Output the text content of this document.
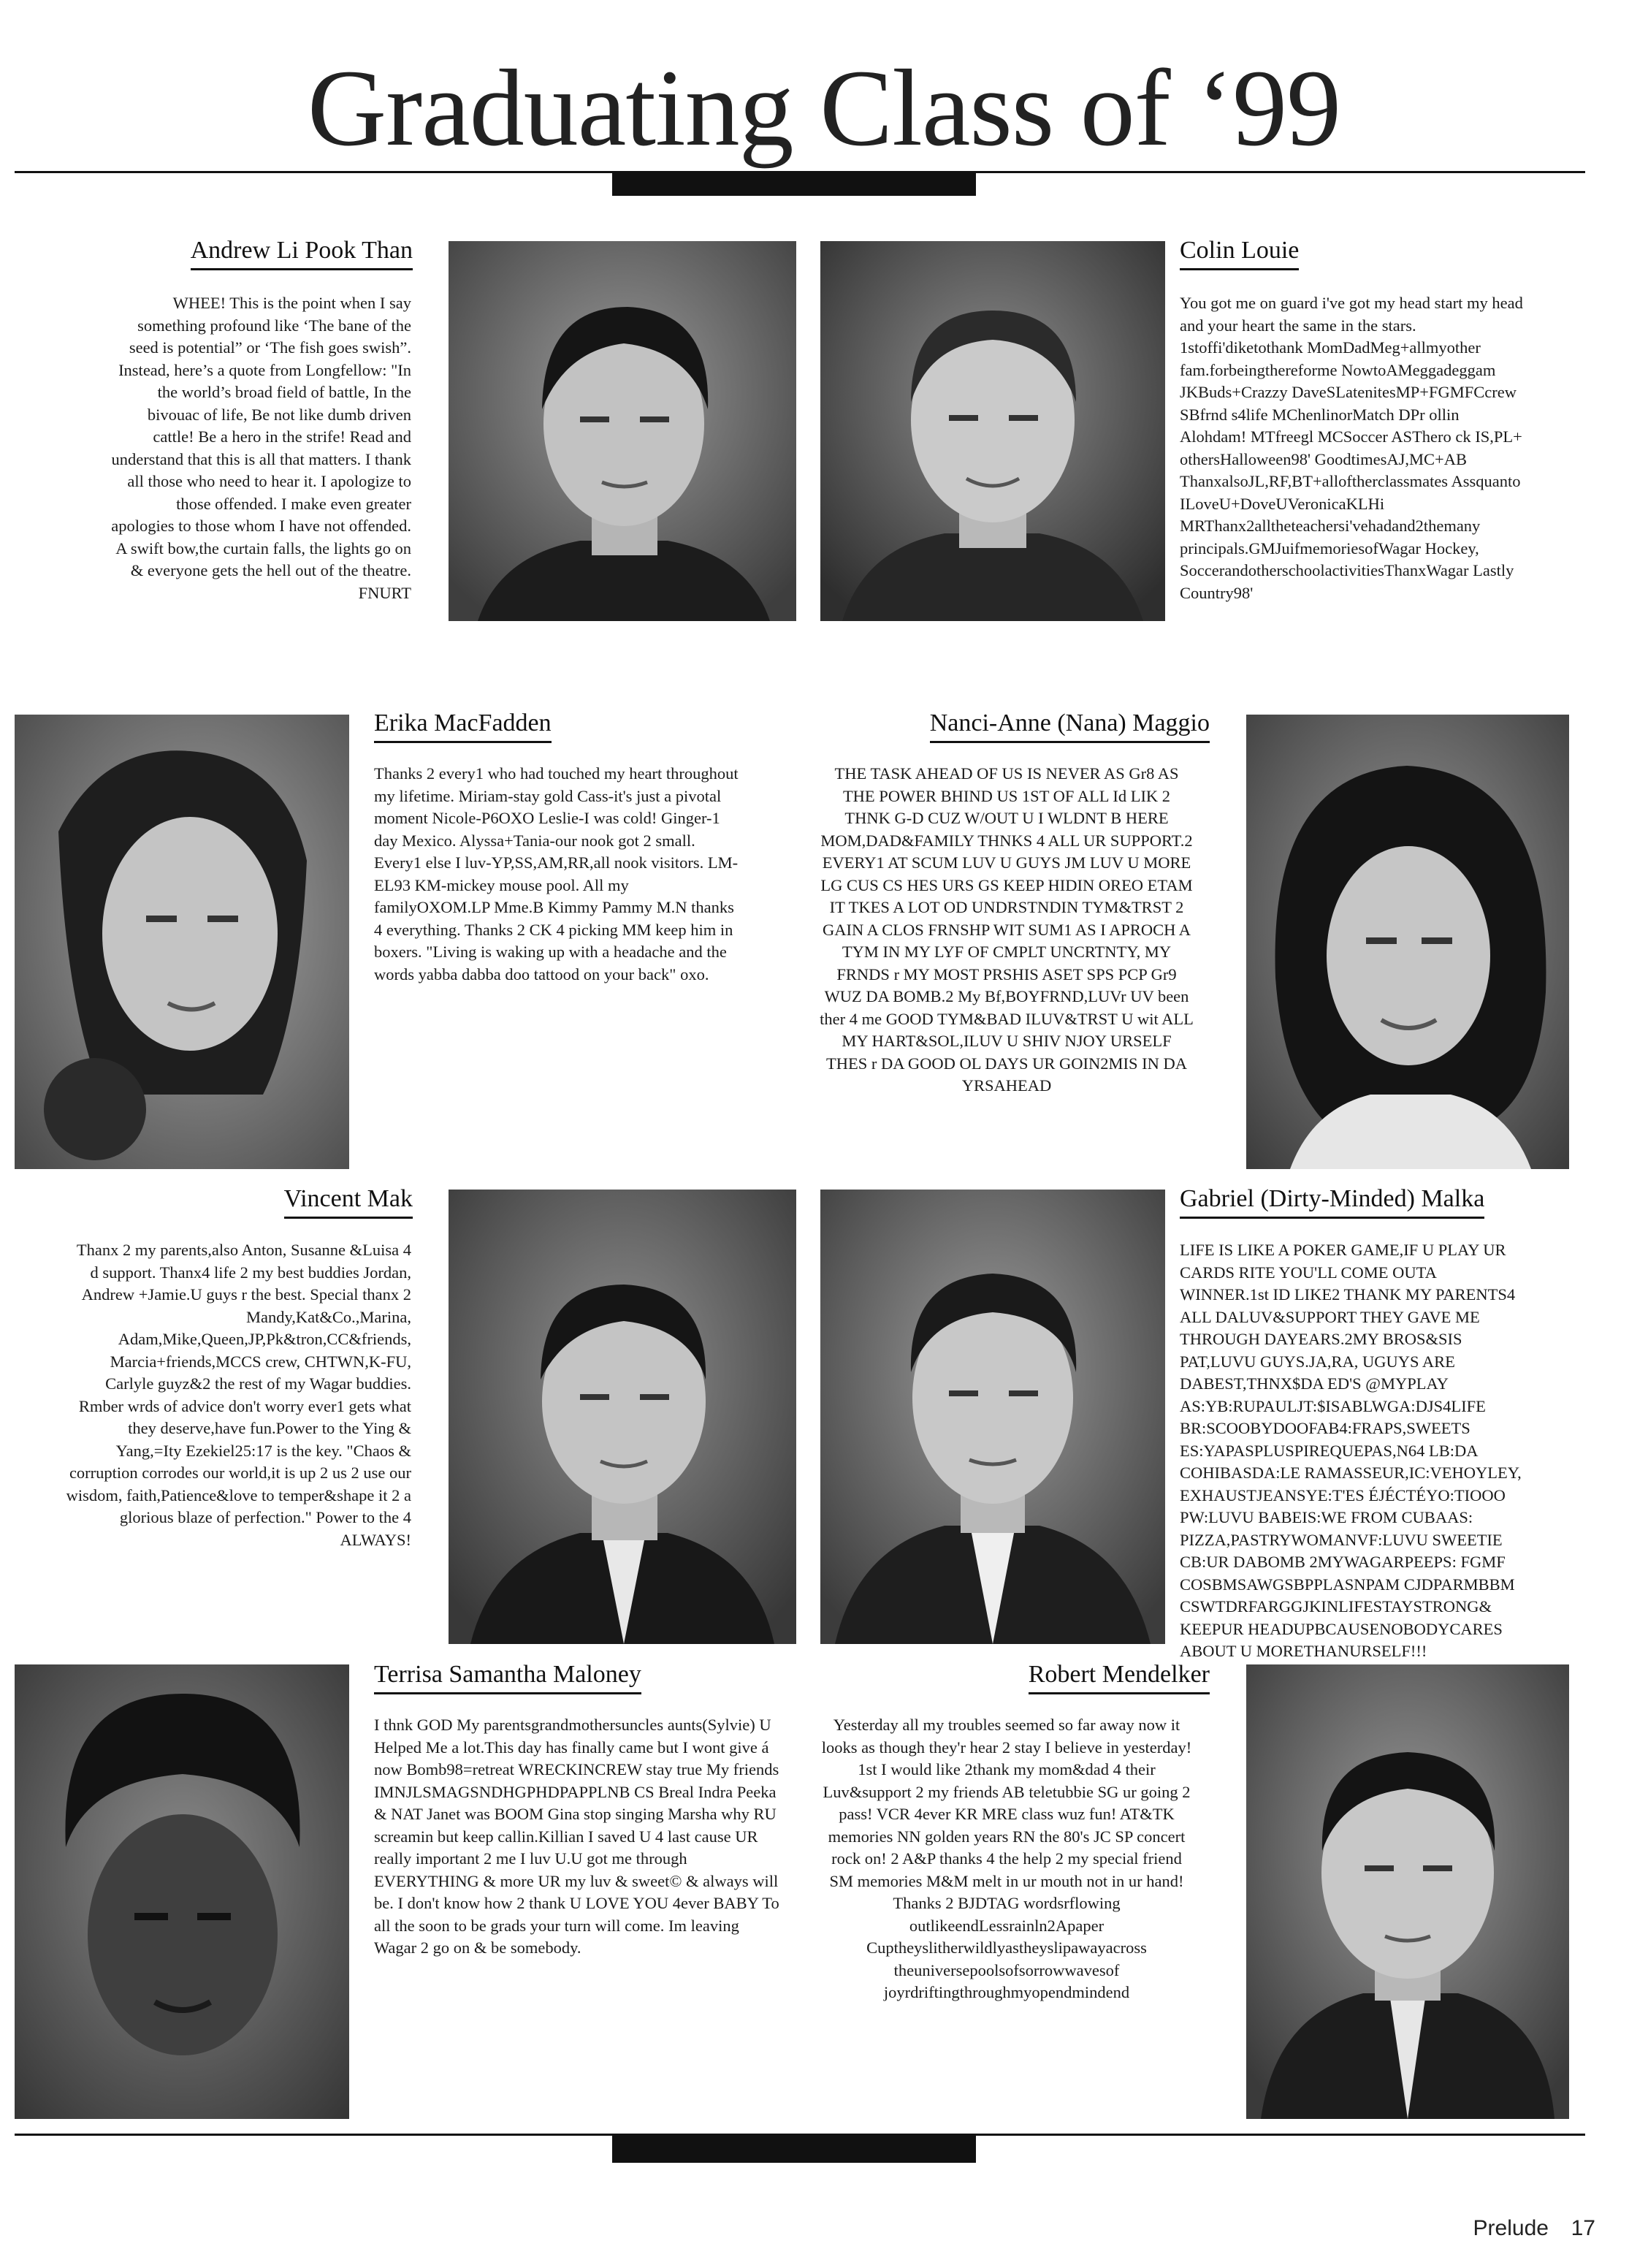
Graduating Class of ‘99
Andrew Li Pook Than

WHEE! This is the point when I say something profound like ‘The bane of the seed is potential” or ‘The fish goes swish”. Instead, here’s a quote from Longfellow: "In the world’s broad field of battle, In the bivouac of life, Be not like dumb driven cattle! Be a hero in the strife! Read and understand that this is all that matters. I thank all those who need to hear it. I apologize to those offended. I make even greater apologies to those whom I have not offended. A swift bow,the curtain falls, the lights go on & everyone gets the hell out of the theatre. FNURT

Colin Louie

You got me on guard i've got my head start my head and your heart the same in the stars. 1stoffi'diketothank MomDadMeg+allmyother fam.forbeingthereforme NowtoAMeggadeggam JKBuds+Crazzy DaveSLatenitesMP+FGMFCcrew SBfrnd s4life MChenlinorMatch DPr ollin Alohdam! MTfreegl MCSoccer ASThero ck IS,PL+ othersHalloween98' GoodtimesAJ,MC+AB ThanxalsoJL,RF,BT+alloftherclassmates Assquanto ILoveU+DoveUVeronicaKLHi MRThanx2alltheteachersi'vehadand2themany principals.GMJuifmemoriesofWagar Hockey, SoccerandotherschoolactivitiesThanxWagar Lastly Country98'

Erika MacFadden

Thanks 2 every1 who had touched my heart throughout my lifetime. Miriam-stay gold Cass-it's just a pivotal moment Nicole-P6OXO Leslie-I was cold! Ginger-1 day Mexico. Alyssa+Tania-our nook got 2 small. Every1 else I luv-YP,SS,AM,RR,all nook visitors. LM-EL93 KM-mickey mouse pool. All my familyOXOM.LP Mme.B Kimmy Pammy M.N thanks 4 everything. Thanks 2 CK 4 picking MM keep him in boxers. "Living is waking up with a headache and the words yabba dabba doo tattood on your back" oxo.

Nanci-Anne (Nana) Maggio

THE TASK AHEAD OF US IS NEVER AS Gr8 AS THE POWER BHIND US 1ST OF ALL Id LIK 2 THNK G-D CUZ W/OUT U I WLDNT B HERE MOM,DAD&FAMILY THNKS 4 ALL UR SUPPORT.2 EVERY1 AT SCUM LUV U GUYS JM LUV U MORE LG CUS CS HES URS GS KEEP HIDIN OREO ETAM IT TKES A LOT OD UNDRSTNDIN TYM&TRST 2 GAIN A CLOS FRNSHP WIT SUM1 AS I APROCH A TYM IN MY LYF OF CMPLT UNCRTNTY, MY FRNDS r MY MOST PRSHIS ASET SPS PCP Gr9 WUZ DA BOMB.2 My Bf,BOYFRND,LUVr UV been ther 4 me GOOD TYM&BAD ILUV&TRST U wit ALL MY HART&SOL,ILUV U SHIV NJOY URSELF THES r DA GOOD OL DAYS UR GOIN2MIS IN DA YRSAHEAD

Vincent Mak

Thanx 2 my parents,also Anton, Susanne &Luisa 4 d support. Thanx4 life 2 my best buddies Jordan, Andrew +Jamie.U guys r the best. Special thanx 2 Mandy,Kat&Co.,Marina, Adam,Mike,Queen,JP,Pk&tron,CC&friends, Marcia+friends,MCCS crew, CHTWN,K-FU, Carlyle guyz&2 the rest of my Wagar buddies. Rmber wrds of advice don't worry ever1 gets what they deserve,have fun.Power to the Ying & Yang,=Ity Ezekiel25:17 is the key. "Chaos & corruption corrodes our world,it is up 2 us 2 use our wisdom, faith,Patience&love to temper&shape it 2 a glorious blaze of perfection." Power to the 4 ALWAYS!

Gabriel (Dirty-Minded) Malka

LIFE IS LIKE A POKER GAME,IF U PLAY UR CARDS RITE YOU'LL COME OUTA WINNER.1st ID LIKE2 THANK MY PARENTS4 ALL DALUV&SUPPORT THEY GAVE ME THROUGH DAYEARS.2MY BROS&SIS PAT,LUVU GUYS.JA,RA, UGUYS ARE DABEST,THNX$DA ED'S @MYPLAY AS:YB:RUPAULJT:$ISABLWGA:DJS4LIFE BR:SCOOBYDOOFAB4:FRAPS,SWEETS ES:YAPASPLUSPIREQUEPAS,N64 LB:DA COHIBASDA:LE RAMASSEUR,IC:VEHOYLEY, EXHAUSTJEANSYE:T'ES ÉJÉCTÉYO:TIOOO PW:LUVU BABEIS:WE FROM CUBAAS: PIZZA,PASTRYWOMANVF:LUVU SWEETIE CB:UR DABOMB 2MYWAGARPEEPS: FGMF COSBMSAWGSBPPLASNPAM CJDPARMBBM CSWTDRFARGGJKINLIFESTAYSTRONG& KEEPUR HEADUPBCAUSENOBODYCARES ABOUT U MORETHANURSELF!!!

Terrisa Samantha Maloney

I thnk GOD My parentsgrandmothersuncles aunts(Sylvie) U Helped Me a lot.This day has finally came but I wont give á now Bomb98=retreat WRECKINCREW stay true My friends IMNJLSMAGSNDHGPHDPAPPLNB CS Breal Indra Peeka & NAT Janet was BOOM Gina stop singing Marsha why RU screamin but keep callin.Killian I saved U 4 last cause UR really important 2 me I luv U.U got me through EVERYTHING & more UR my luv & sweet© & always will be. I don't know how 2 thank U LOVE YOU 4ever BABY To all the soon to be grads your turn will come. Im leaving Wagar 2 go on & be somebody.

Robert Mendelker

Yesterday all my troubles seemed so far away now it looks as though they'r hear 2 stay I believe in yesterday! 1st I would like 2thank my mom&dad 4 their Luv&support 2 my friends AB teletubbie SG ur going 2 pass! VCR 4ever KR MRE class wuz fun! AT&TK memories NN golden years RN the 80's JC SP concert rock on! 2 A&P thanks 4 the help 2 my special friend SM memories M&M melt in ur mouth not in ur hand! Thanks 2 BJDTAG wordsrflowing outlikeendLessrainln2Apaper Cuptheyslitherwildlyastheyslipawayacross theuniversepoolsofsorrowwavesof joyrdriftingthroughmyopendmindend

Prelude 17
